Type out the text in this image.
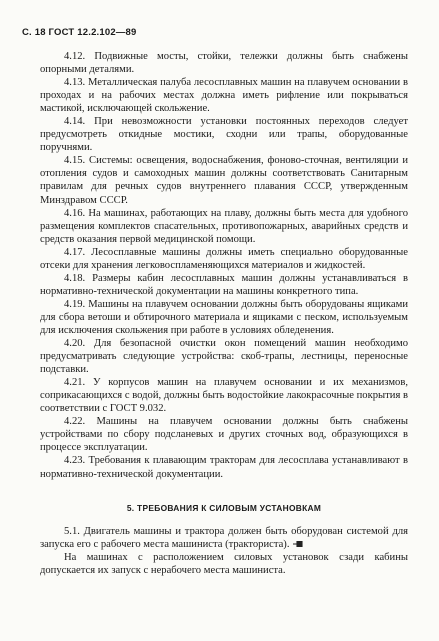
С. 18 ГОСТ 12.2.102—89

4.12. Подвижные мосты, стойки, тележки должны быть снабжены опорными деталями.

4.13. Металлическая палуба лесосплавных машин на плавучем основании в проходах и на рабочих местах должна иметь рифление или покрываться мастикой, исключающей скольжение.

4.14. При невозможности установки постоянных переходов следует предусмотреть откидные мостики, сходни или трапы, оборудованные поручнями.

4.15. Системы: освещения, водоснабжения, фоново-сточная, вентиляции и отопления судов и самоходных машин должны соответствовать Санитарным правилам для речных судов внутреннего плавания СССР, утвержденным Минздравом СССР.

4.16. На машинах, работающих на плаву, должны быть места для удобного размещения комплектов спасательных, противопожарных, аварийных средств и средств оказания первой медицинской помощи.

4.17. Лесосплавные машины должны иметь специально оборудованные отсеки для хранения легковоспламеняющихся материалов и жидкостей.

4.18. Размеры кабин лесосплавных машин должны устанавливаться в нормативно-технической документации на машины конкретного типа.

4.19. Машины на плавучем основании должны быть оборудованы ящиками для сбора ветоши и обтирочного материала и ящиками с песком, используемым для исключения скольжения при работе в условиях обледенения.

4.20. Для безопасной очистки окон помещений машин необходимо предусматривать следующие устройства: скоб-трапы, лестницы, переносные подставки.

4.21. У корпусов машин на плавучем основании и их механизмов, соприкасающихся с водой, должны быть водостойкие лакокрасочные покрытия в соответствии с ГОСТ 9.032.

4.22. Машины на плавучем основании должны быть снабжены устройствами по сбору подсланевых и других сточных вод, образующихся в процессе эксплуатации.

4.23. Требования к плавающим тракторам для лесосплава устанавливают в нормативно-технической документации.

5. ТРЕБОВАНИЯ К СИЛОВЫМ УСТАНОВКАМ

5.1. Двигатель машины и трактора должен быть оборудован системой для запуска его с рабочего места машиниста (тракториста).

На машинах с расположением силовых установок сзади кабины допускается их запуск с нерабочего места машиниста.
